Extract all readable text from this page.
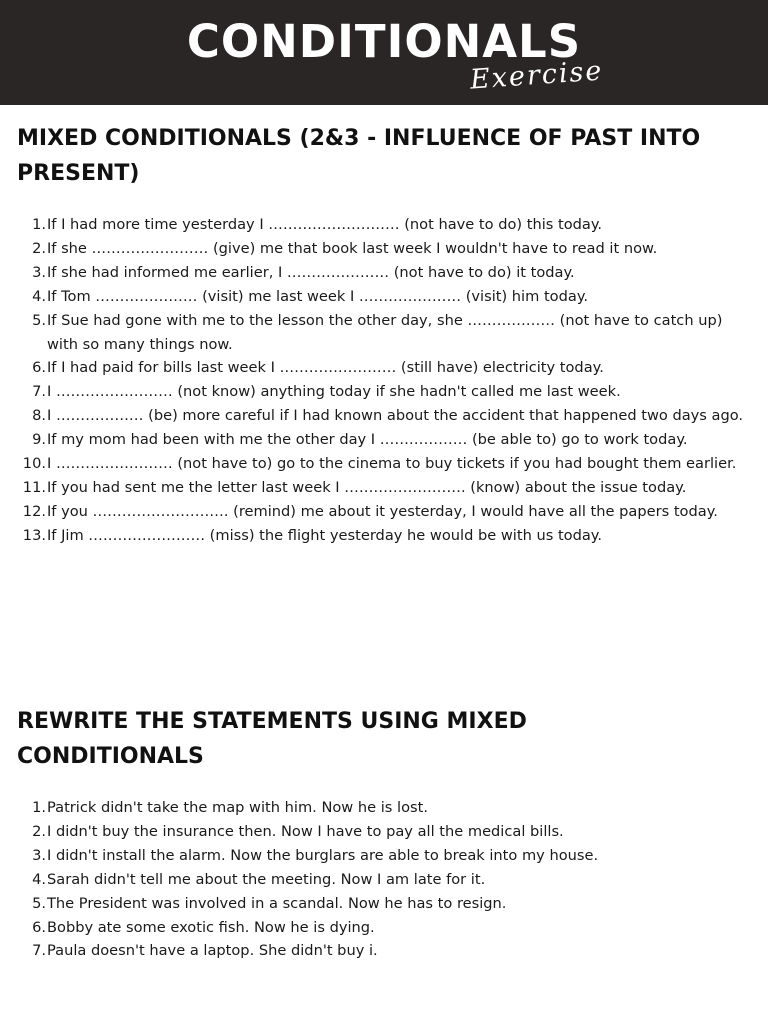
CONDITIONALS
Exercise
MIXED CONDITIONALS (2&3 - INFLUENCE OF PAST INTO PRESENT)
1. If I had more time yesterday I ……………………… (not have to do) this today.
2. If she …………………… (give) me that book last week I wouldn't have to read it now.
3. If she had informed me earlier, I ………………… (not have to do) it today.
4. If Tom ………………… (visit) me last week I ………………… (visit) him today.
5. If Sue had gone with me to the lesson the other day, she ……………… (not have to catch up) with so many things now.
6. If I had paid for bills last week I …………………… (still have) electricity today.
7. I …………………… (not know) anything today if she hadn't called me last week.
8. I ……………… (be) more careful if I had known about the accident that happened two days ago.
9. If my mom had been with me the other day I ……………… (be able to) go to work today.
10. I …………………… (not have to) go to the cinema to buy tickets if you had bought them earlier.
11. If you had sent me the letter last week I ……………………. (know) about the issue today.
12. If you ………………………. (remind) me about it yesterday, I would have all the papers today.
13. If Jim …………………… (miss) the flight yesterday he would be with us today.
REWRITE THE STATEMENTS USING MIXED CONDITIONALS
1. Patrick didn't take the map with him. Now he is lost.
2. I didn't buy the insurance then. Now I have to pay all the medical bills.
3. I didn't install the alarm. Now the burglars are able to break into my house.
4. Sarah didn't tell me about the meeting. Now I am late for it.
5. The President was involved in a scandal. Now he has to resign.
6. Bobby ate some exotic fish. Now he is dying.
7. Paula doesn't have a laptop. She didn't buy i.
